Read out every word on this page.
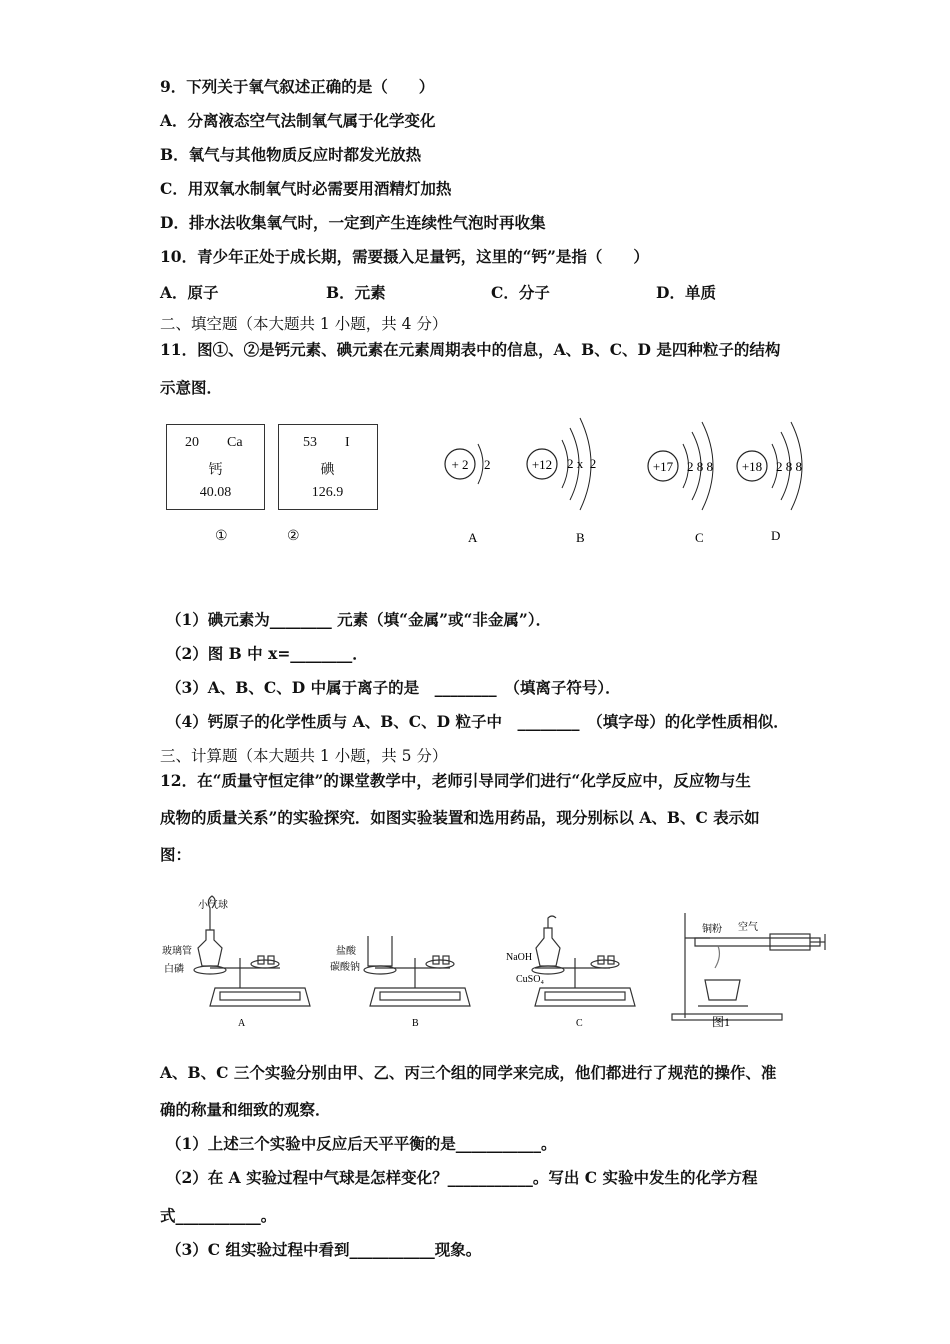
9．下列关于氧气叙述正确的是（　　）
A．分离液态空气法制氧气属于化学变化
B．氧气与其他物质反应时都发光放热
C．用双氧水制氧气时必需要用酒精灯加热
D．排水法收集氧气时，一定到产生连续性气泡时再收集
10．青少年正处于成长期，需要摄入足量钙，这里的“钙”是指（　　）
A．原子	B．元素	C．分子	D．单质
二、填空题（本大题共 1 小题，共 4 分）
11．图①、②是钙元素、碘元素在元素周期表中的信息，A、B、C、D 是四种粒子的结构
示意图．
20 Ca
钙
40.08
53 I
碘
126.9
①	②
+ 2 2
A
+12 2 x  2
B
+17 2 8 8
C
+18 2 8 8
D
（1）碘元素为________ 元素（填“金属”或“非金属”）．
（2）图 B 中 x=________．
（3）A、B、C、D 中属于离子的是　________　（填离子符号）．
（4）钙原子的化学性质与 A、B、C、D 粒子中　________　（填字母）的化学性质相似．
三、计算题（本大题共 1 小题，共 5 分）
12．在“质量守恒定律”的课堂教学中，老师引导同学们进行“化学反应中，反应物与生
成物的质量关系”的实验探究．如图实验装置和选用药品，现分别标以 A、B、C 表示如
图：
小气球
玻璃管
白磷
盐酸
碳酸钠
NaOH
CuSO₄
铜粉 空气
A	B	C	图1
A、B、C 三个实验分别由甲、乙、丙三个组的同学来完成，他们都进行了规范的操作、准
确的称量和细致的观察．
（1）上述三个实验中反应后天平平衡的是___________。
（2）在 A 实验过程中气球是怎样变化？___________。写出 C 实验中发生的化学方程
式___________。
（3）C 组实验过程中看到___________现象。
